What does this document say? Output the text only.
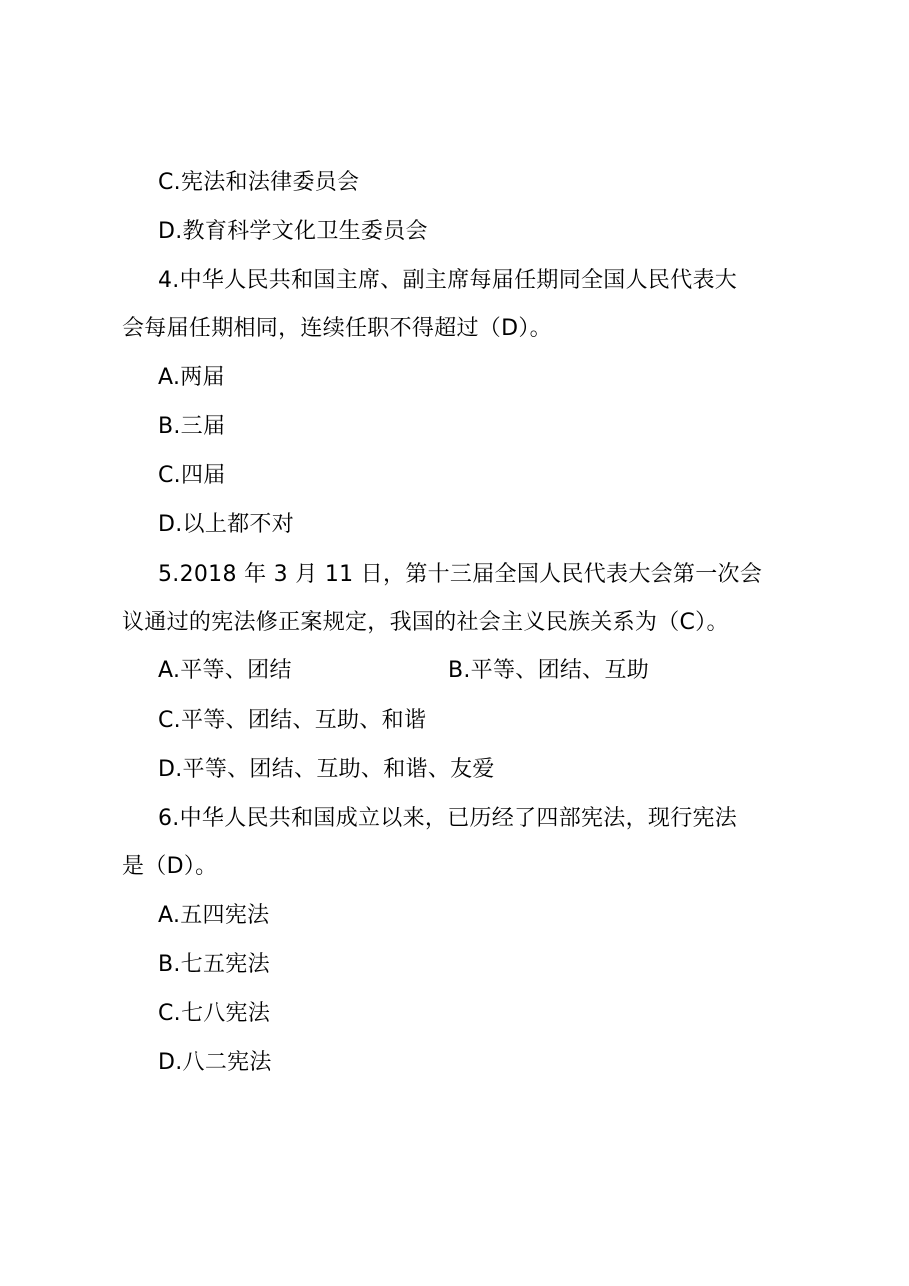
C.宪法和法律委员会
D.教育科学文化卫生委员会
4.中华人民共和国主席、副主席每届任期同全国人民代表大
会每届任期相同，连续任职不得超过（D）。
A.两届
B.三届
C.四届
D.以上都不对
5.2018 年 3 月 11 日，第十三届全国人民代表大会第一次会
议通过的宪法修正案规定，我国的社会主义民族关系为（C）。
A.平等、团结	B.平等、团结、互助
C.平等、团结、互助、和谐
D.平等、团结、互助、和谐、友爱
6.中华人民共和国成立以来，已历经了四部宪法，现行宪法
是（D）。
A.五四宪法
B.七五宪法
C.七八宪法
D.八二宪法
